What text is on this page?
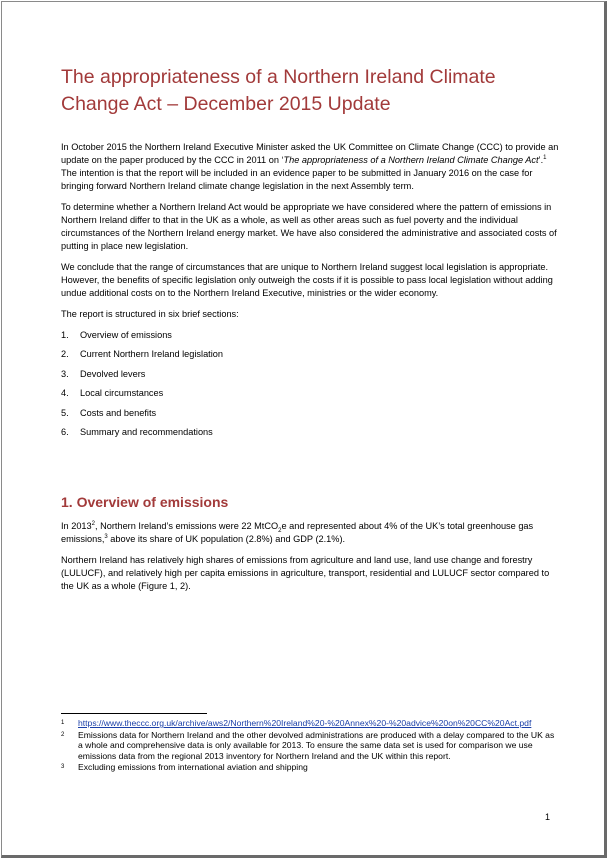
The appropriateness of a Northern Ireland Climate
Change Act – December 2015 Update

In October 2015 the Northern Ireland Executive Minister asked the UK Committee on Climate Change (CCC) to provide an update on the paper produced by the CCC in 2011 on ‘The appropriateness of a Northern Ireland Climate Change Act’.$^1$ The intention is that the report will be included in an evidence paper to be submitted in January 2016 on the case for bringing forward Northern Ireland climate change legislation in the next Assembly term.

To determine whether a Northern Ireland Act would be appropriate we have considered where the pattern of emissions in Northern Ireland differ to that in the UK as a whole, as well as other areas such as fuel poverty and the individual circumstances of the Northern Ireland energy market. We have also considered the administrative and associated costs of putting in place new legislation.

We conclude that the range of circumstances that are unique to Northern Ireland suggest local legislation is appropriate. However, the benefits of specific legislation only outweigh the costs if it is possible to pass local legislation without adding undue additional costs on to the Northern Ireland Executive, ministries or the wider economy.

The report is structured in six brief sections:

1. Overview of emissions
2. Current Northern Ireland legislation
3. Devolved levers
4. Local circumstances
5. Costs and benefits
6. Summary and recommendations
1. Overview of emissions

In 2013$^2$, Northern Ireland’s emissions were 22 MtCO$_2$e and represented about 4% of the UK’s total greenhouse gas emissions,$^3$ above its share of UK population (2.8%) and GDP (2.1%).

Northern Ireland has relatively high shares of emissions from agriculture and land use, land use change and forestry (LULUCF), and relatively high per capita emissions in agriculture, transport, residential and LULUCF sector compared to the UK as a whole (Figure 1, 2).

1	https://www.theccc.org.uk/archive/aws2/Northern%20Ireland%20-%20Annex%20-%20advice%20on%20CC%20Act.pdf
2	Emissions data for Northern Ireland and the other devolved administrations are produced with a delay compared to the UK as a whole and comprehensive data is only available for 2013. To ensure the same data set is used for comparison we use emissions data from the regional 2013 inventory for Northern Ireland and the UK within this report.
3	Excluding emissions from international aviation and shipping
1
